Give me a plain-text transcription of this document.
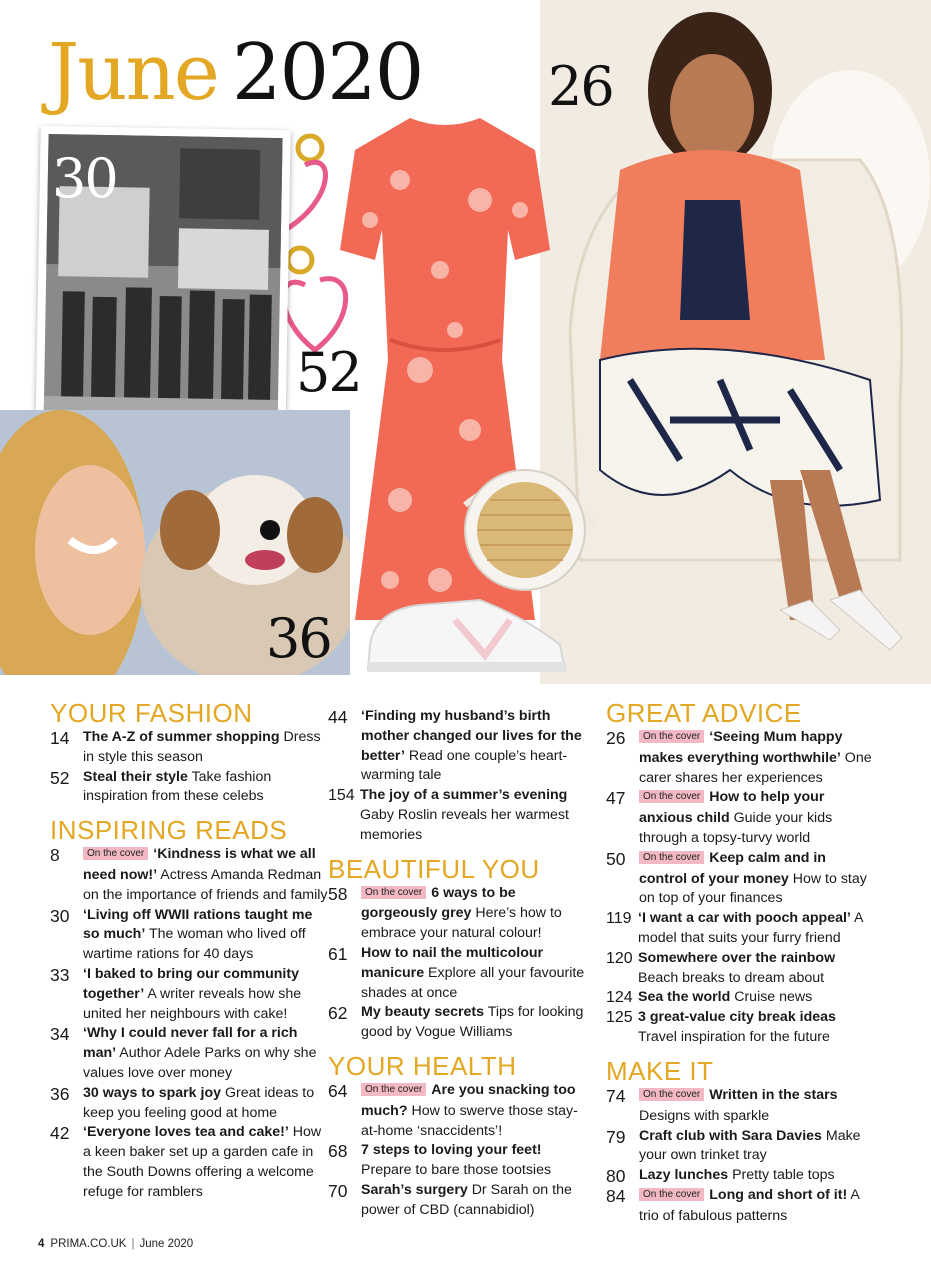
June 2020 26
30
52
36
YOUR FASHION
14 The A-Z of summer shopping Dress in style this season
52 Steal their style Take fashion inspiration from these celebs
INSPIRING READS
8	On the cover ‘Kindness is what we all need now!’ Actress Amanda Redman on the importance of friends and family
30 ‘Living off WWII rations taught me so much’ The woman who lived off wartime rations for 40 days
33 ‘I baked to bring our community together’ A writer reveals how she united her neighbours with cake!
34 ‘Why I could never fall for a rich man’ Author Adele Parks on why she values love over money
36 30 ways to spark joy Great ideas to keep you feeling good at home
42 ‘Everyone loves tea and cake!’ How a keen baker set up a garden cafe in the South Downs offering a welcome refuge for ramblers
44 ‘Finding my husband’s birth mother changed our lives for the better’ Read one couple’s heart-warming tale
154 The joy of a summer’s evening Gaby Roslin reveals her warmest memories
BEAUTIFUL YOU
58	On the cover 6 ways to be gorgeously grey Here’s how to embrace your natural colour!
61 How to nail the multicolour manicure Explore all your favourite shades at once
62 My beauty secrets Tips for looking good by Vogue Williams
YOUR HEALTH
64	On the cover Are you snacking too much? How to swerve those stay-at-home ‘snaccidents’!
68 7 steps to loving your feet! Prepare to bare those tootsies
70 Sarah’s surgery Dr Sarah on the power of CBD (cannabidiol)
GREAT ADVICE
26	On the cover ‘Seeing Mum happy makes everything worthwhile’ One carer shares her experiences
47	On the cover How to help your anxious child Guide your kids through a topsy-turvy world
50	On the cover Keep calm and in control of your money How to stay on top of your finances
119 ‘I want a car with pooch appeal’ A model that suits your furry friend
120 Somewhere over the rainbow Beach breaks to dream about
124 Sea the world Cruise news
125 3 great-value city break ideas Travel inspiration for the future
MAKE IT
74	On the cover Written in the stars Designs with sparkle
79 Craft club with Sara Davies Make your own trinket tray
80 Lazy lunches Pretty table tops
84	On the cover Long and short of it! A trio of fabulous patterns
4 PRIMA.CO.UK | June 2020
